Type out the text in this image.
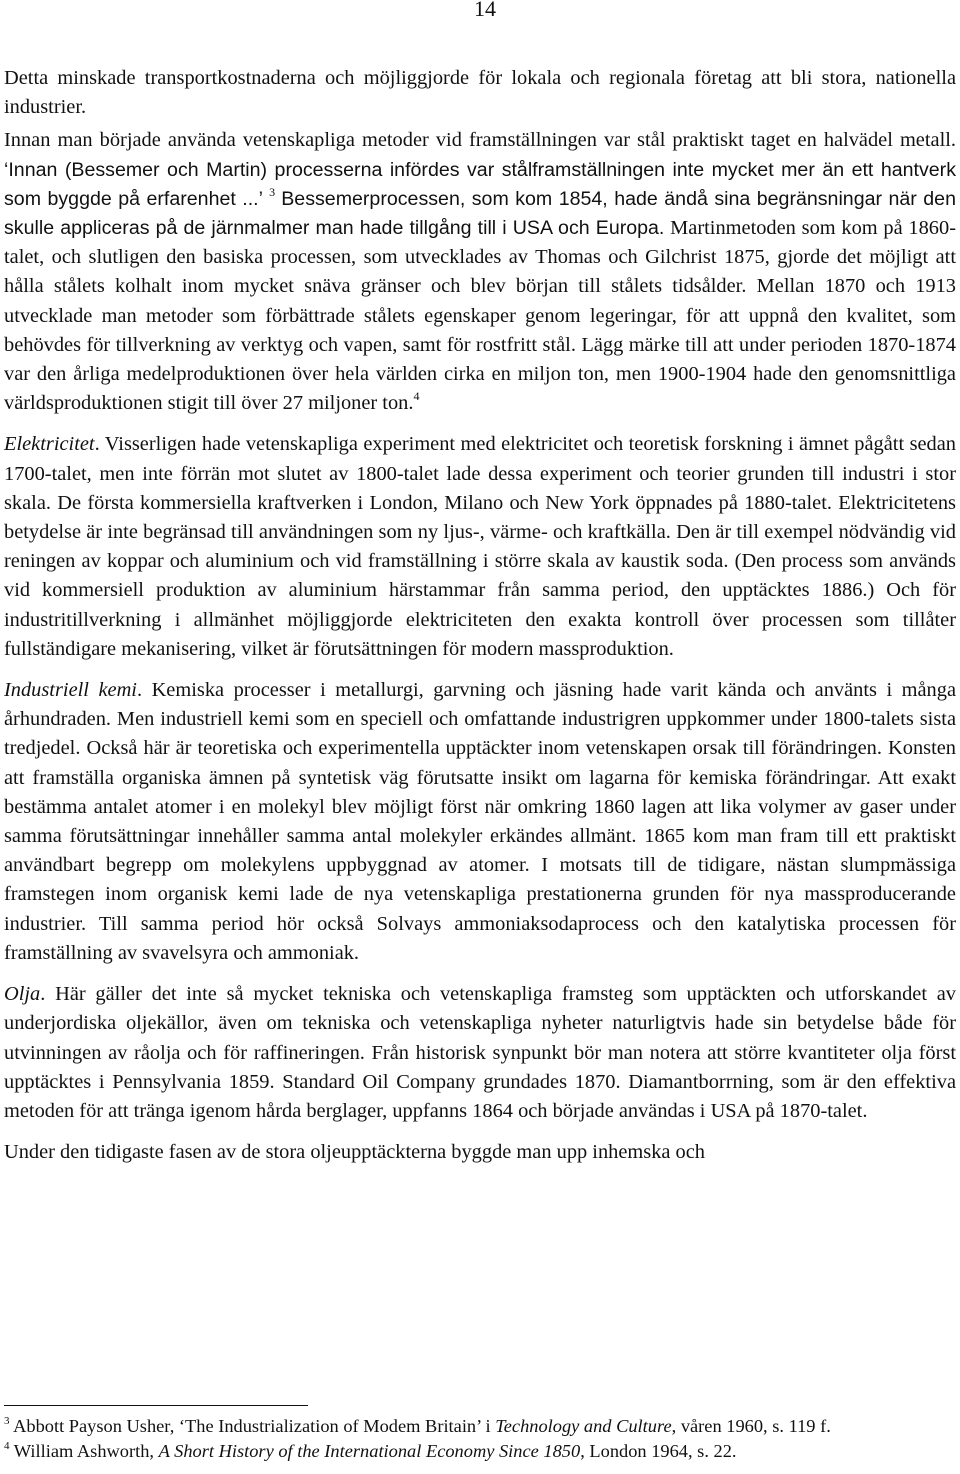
14

Detta minskade transportkostnaderna och möjliggjorde för lokala och regionala företag att bli stora, nationella industrier.

Innan man började använda vetenskapliga metoder vid framställningen var stål praktiskt taget en halvädel metall. ‘Innan (Bessemer och Martin) processerna infördes var stålframställningen inte mycket mer än ett hantverk som byggde på erfarenhet ...’ $^3$ Bessemerprocessen, som kom 1854, hade ändå sina begränsningar när den skulle appliceras på de järnmalmer man hade tillgång till i USA och Europa. Martinmetoden som kom på 1860-talet, och slutligen den basiska processen, som utvecklades av Thomas och Gilchrist 1875, gjorde det möjligt att hålla stålets kolhalt inom mycket snäva gränser och blev början till stålets tidsålder. Mellan 1870 och 1913 utvecklade man metoder som förbättrade stålets egenskaper genom legeringar, för att uppnå den kvalitet, som behövdes för tillverkning av verktyg och vapen, samt för rostfritt stål. Lägg märke till att under perioden 1870-1874 var den årliga medelproduktionen över hela världen cirka en miljon ton, men 1900-1904 hade den genomsnittliga världsproduktionen stigit till över 27 miljoner ton.$^4$

Elektricitet. Visserligen hade vetenskapliga experiment med elektricitet och teoretisk forskning i ämnet pågått sedan 1700-talet, men inte förrän mot slutet av 1800-talet lade dessa experiment och teorier grunden till industri i stor skala. De första kommersiella kraftverken i London, Milano och New York öppnades på 1880-talet. Elektricitetens betydelse är inte begränsad till användningen som ny ljus-, värme- och kraftkälla. Den är till exempel nödvändig vid reningen av koppar och aluminium och vid framställning i större skala av kaustik soda. (Den process som används vid kommersiell produktion av aluminium härstammar från samma period, den upptäcktes 1886.) Och för industritillverkning i allmänhet möjliggjorde elektriciteten den exakta kontroll över processen som tillåter fullständigare mekanisering, vilket är förutsättningen för modern massproduktion.

Industriell kemi. Kemiska processer i metallurgi, garvning och jäsning hade varit kända och använts i många århundraden. Men industriell kemi som en speciell och omfattande industrigren uppkommer under 1800-talets sista tredjedel. Också här är teoretiska och experimentella upptäckter inom vetenskapen orsak till förändringen. Konsten att framställa organiska ämnen på syntetisk väg förutsatte insikt om lagarna för kemiska förändringar. Att exakt bestämma antalet atomer i en molekyl blev möjligt först när omkring 1860 lagen att lika volymer av gaser under samma förutsättningar innehåller samma antal molekyler erkändes allmänt. 1865 kom man fram till ett praktiskt användbart begrepp om molekylens uppbyggnad av atomer. I motsats till de tidigare, nästan slumpmässiga framstegen inom organisk kemi lade de nya vetenskapliga prestationerna grunden för nya massproducerande industrier. Till samma period hör också Solvays ammoniaksodaprocess och den katalytiska processen för framställning av svavelsyra och ammoniak.

Olja. Här gäller det inte så mycket tekniska och vetenskapliga framsteg som upptäckten och utforskandet av underjordiska oljekällor, även om tekniska och vetenskapliga nyheter naturligtvis hade sin betydelse både för utvinningen av råolja och för raffineringen. Från historisk synpunkt bör man notera att större kvantiteter olja först upptäcktes i Pennsylvania 1859. Standard Oil Company grundades 1870. Diamantborrning, som är den effektiva metoden för att tränga igenom hårda berglager, uppfanns 1864 och började användas i USA på 1870-talet.

Under den tidigaste fasen av de stora oljeupptäckterna byggde man upp inhemska och

$^3$ Abbott Payson Usher, ‘The Industrialization of Modem Britain’ i Technology and Culture, våren 1960, s. 119 f.

$^4$ William Ashworth, A Short History of the International Economy Since 1850, London 1964, s. 22.
